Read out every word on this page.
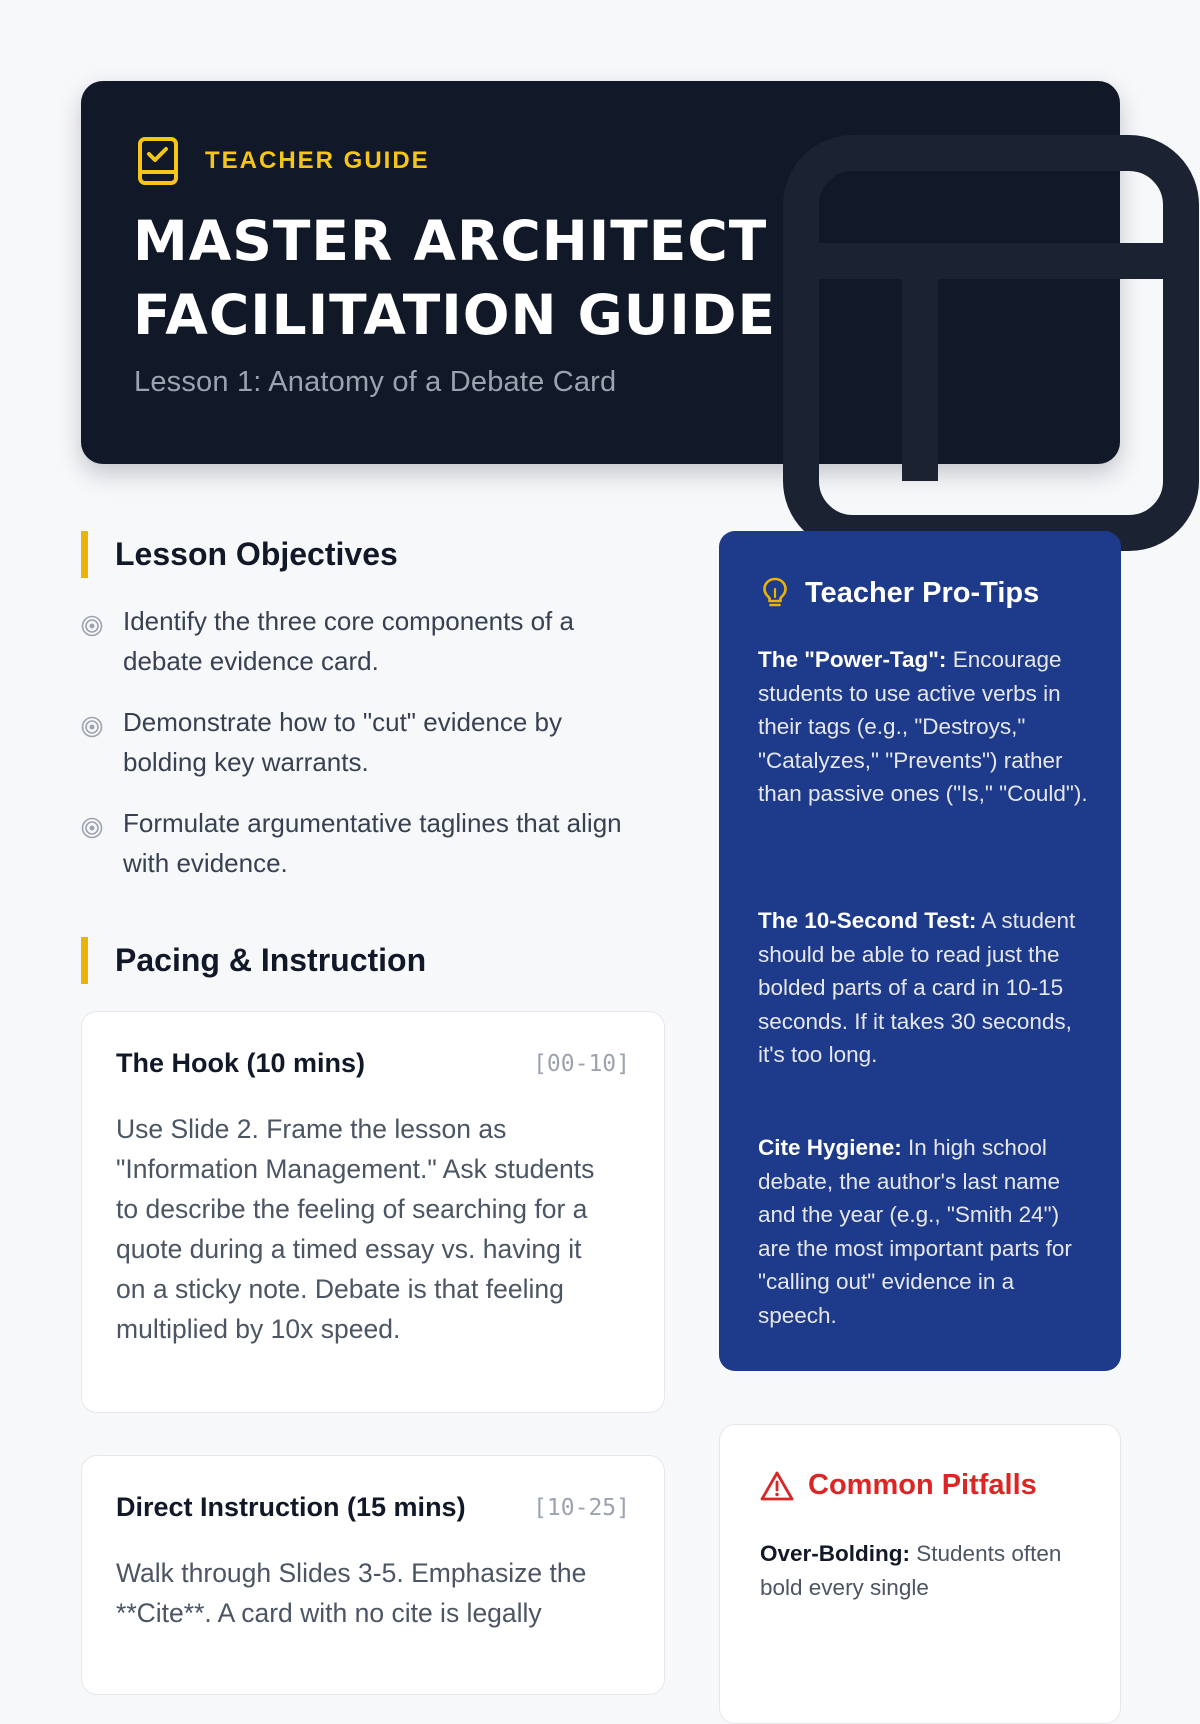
TEACHER GUIDE
MASTER ARCHITECT
FACILITATION GUIDE
Lesson 1: Anatomy of a Debate Card
Lesson Objectives
Identify the three core components of a debate evidence card.
Demonstrate how to "cut" evidence by bolding key warrants.
Formulate argumentative taglines that align with evidence.
Pacing & Instruction
The Hook (10 mins)	[00-10]

Use Slide 2. Frame the lesson as "Information Management." Ask students to describe the feeling of searching for a quote during a timed essay vs. having it on a sticky note. Debate is that feeling multiplied by 10x speed.

Direct Instruction (15 mins)	[10-25]

Walk through Slides 3-5. Emphasize the **Cite**. A card with no cite is legally

Teacher Pro-Tips

The "Power-Tag": Encourage students to use active verbs in their tags (e.g., "Destroys," "Catalyzes," "Prevents") rather than passive ones ("Is," "Could").

The 10-Second Test: A student should be able to read just the bolded parts of a card in 10-15 seconds. If it takes 30 seconds, it's too long.

Cite Hygiene: In high school debate, the author's last name and the year (e.g., "Smith 24") are the most important parts for "calling out" evidence in a speech.

Common Pitfalls

Over-Bolding: Students often bold every single
